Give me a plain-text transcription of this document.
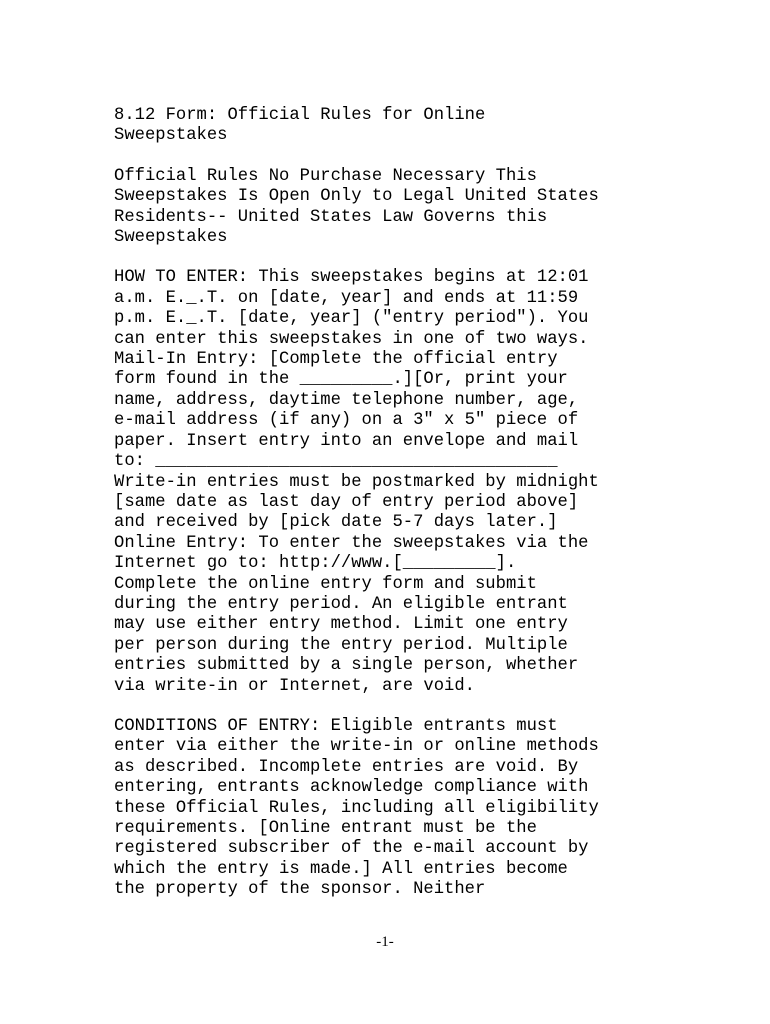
8.12 Form: Official Rules for Online
Sweepstakes
Official Rules No Purchase Necessary This
Sweepstakes Is Open Only to Legal United States
Residents-- United States Law Governs this
Sweepstakes
HOW TO ENTER: This sweepstakes begins at 12:01
a.m. E._.T. on [date, year] and ends at 11:59
p.m. E._.T. [date, year] ("entry period"). You
can enter this sweepstakes in one of two ways.
Mail-In Entry: [Complete the official entry
form found in the _________.][Or, print your
name, address, daytime telephone number, age,
e-mail address (if any) on a 3" x 5" piece of
paper. Insert entry into an envelope and mail
to: _______________________________________
Write-in entries must be postmarked by midnight
[same date as last day of entry period above]
and received by [pick date 5-7 days later.]
Online Entry: To enter the sweepstakes via the
Internet go to: http://www.[_________].
Complete the online entry form and submit
during the entry period. An eligible entrant
may use either entry method. Limit one entry
per person during the entry period. Multiple
entries submitted by a single person, whether
via write-in or Internet, are void.
CONDITIONS OF ENTRY: Eligible entrants must
enter via either the write-in or online methods
as described. Incomplete entries are void. By
entering, entrants acknowledge compliance with
these Official Rules, including all eligibility
requirements. [Online entrant must be the
registered subscriber of the e-mail account by
which the entry is made.] All entries become
the property of the sponsor. Neither
-1-
